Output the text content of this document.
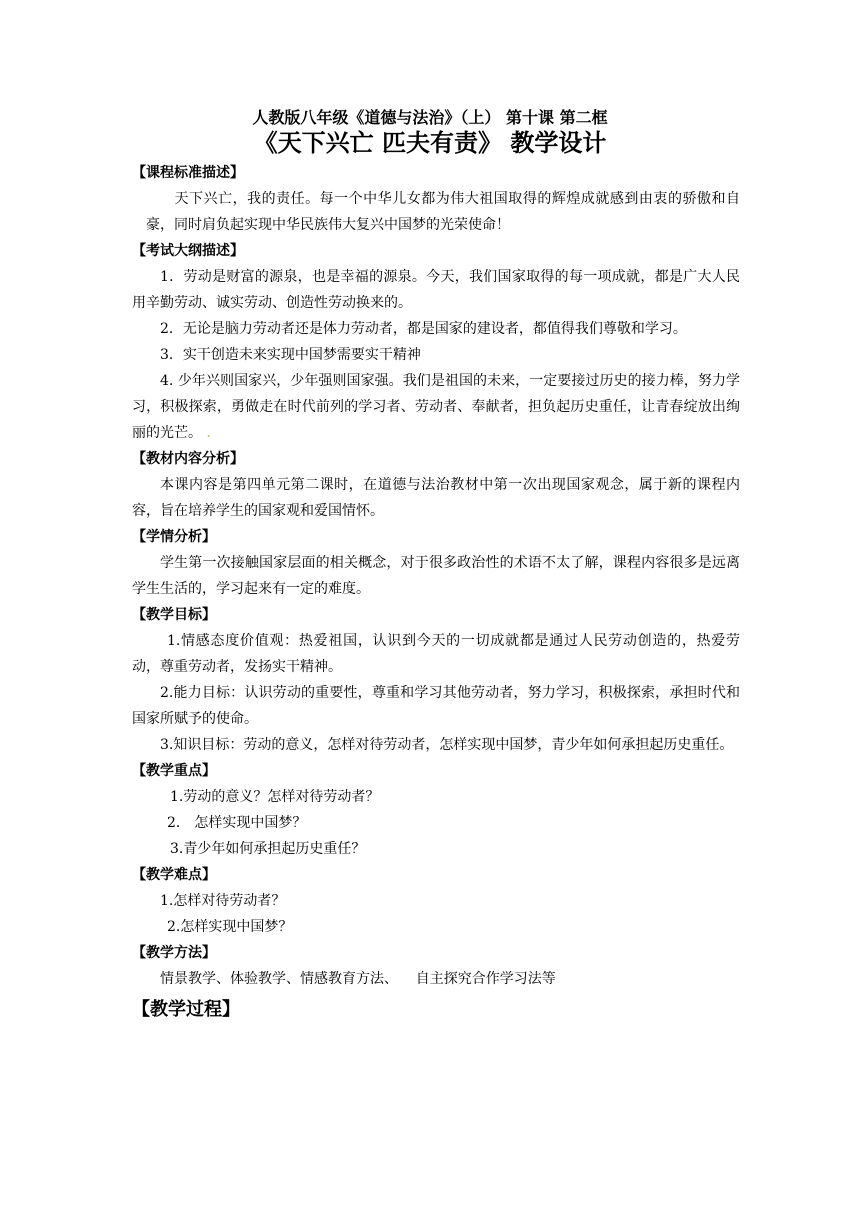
人教版八年级《道德与法治》（上） 第十课 第二框
《天下兴亡 匹夫有责》 教学设计
【课程标准描述】
天下兴亡，我的责任。每一个中华儿女都为伟大祖国取得的辉煌成就感到由衷的骄傲和自豪，同时肩负起实现中华民族伟大复兴中国梦的光荣使命！
【考试大纲描述】
1．劳动是财富的源泉，也是幸福的源泉。今天，我们国家取得的每一项成就，都是广大人民用辛勤劳动、诚实劳动、创造性劳动换来的。
2．无论是脑力劳动者还是体力劳动者，都是国家的建设者，都值得我们尊敬和学习。
3．实干创造未来实现中国梦需要实干精神
4. 少年兴则国家兴，少年强则国家强。我们是祖国的未来，一定要接过历史的接力棒，努力学习，积极探索，勇做走在时代前列的学习者、劳动者、奉献者，担负起历史重任，让青春绽放出绚丽的光芒。 ．
【教材内容分析】
本课内容是第四单元第二课时，在道德与法治教材中第一次出现国家观念，属于新的课程内容，旨在培养学生的国家观和爱国情怀。
【学情分析】
学生第一次接触国家层面的相关概念，对于很多政治性的术语不太了解，课程内容很多是远离学生生活的，学习起来有一定的难度。
【教学目标】
1.情感态度价值观：热爱祖国，认识到今天的一切成就都是通过人民劳动创造的，热爱劳动，尊重劳动者，发扬实干精神。
2.能力目标：认识劳动的重要性，尊重和学习其他劳动者，努力学习，积极探索，承担时代和国家所赋予的使命。
3.知识目标：劳动的意义，怎样对待劳动者，怎样实现中国梦，青少年如何承担起历史重任。
【教学重点】
1.劳动的意义？怎样对待劳动者？
2． 怎样实现中国梦？
3.青少年如何承担起历史重任？
【教学难点】
1.怎样对待劳动者？
2.怎样实现中国梦？
【教学方法】
情景教学、体验教学、情感教育方法、    自主探究合作学习法等
【教学过程】
